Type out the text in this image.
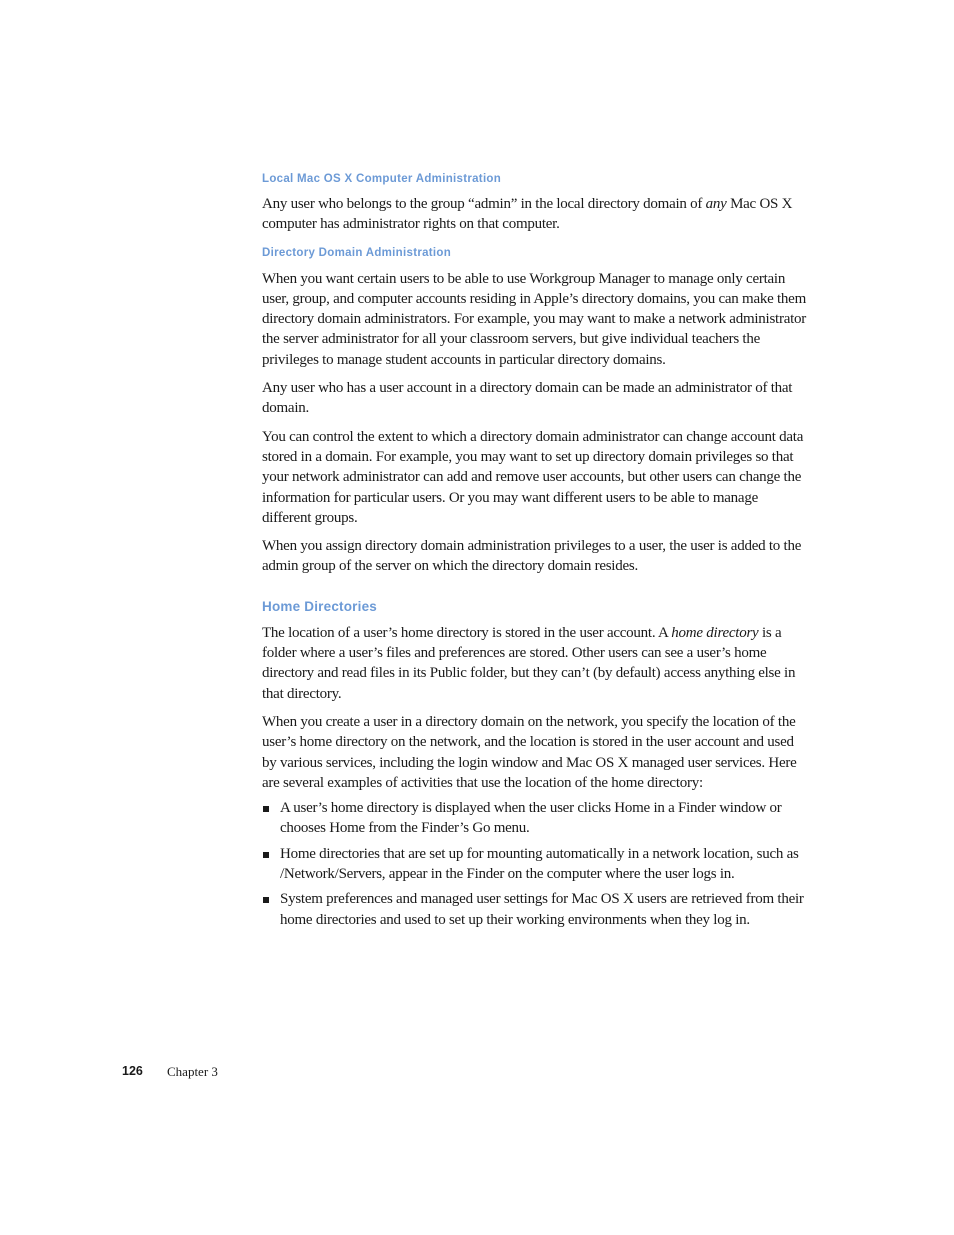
Local Mac OS X Computer Administration

Any user who belongs to the group “admin” in the local directory domain of any Mac OS X computer has administrator rights on that computer.

Directory Domain Administration

When you want certain users to be able to use Workgroup Manager to manage only certain user, group, and computer accounts residing in Apple’s directory domains, you can make them directory domain administrators. For example, you may want to make a network administrator the server administrator for all your classroom servers, but give individual teachers the privileges to manage student accounts in particular directory domains.

Any user who has a user account in a directory domain can be made an administrator of that domain.

You can control the extent to which a directory domain administrator can change account data stored in a domain. For example, you may want to set up directory domain privileges so that your network administrator can add and remove user accounts, but other users can change the information for particular users. Or you may want different users to be able to manage different groups.

When you assign directory domain administration privileges to a user, the user is added to the admin group of the server on which the directory domain resides.

Home Directories

The location of a user’s home directory is stored in the user account. A home directory is a folder where a user’s files and preferences are stored. Other users can see a user’s home directory and read files in its Public folder, but they can’t (by default) access anything else in that directory.

When you create a user in a directory domain on the network, you specify the location of the user’s home directory on the network, and the location is stored in the user account and used by various services, including the login window and Mac OS X managed user services. Here are several examples of activities that use the location of the home directory:

A user’s home directory is displayed when the user clicks Home in a Finder window or chooses Home from the Finder’s Go menu.
Home directories that are set up for mounting automatically in a network location, such as /Network/Servers, appear in the Finder on the computer where the user logs in.
System preferences and managed user settings for Mac OS X users are retrieved from their home directories and used to set up their working environments when they log in.
126 Chapter 3
